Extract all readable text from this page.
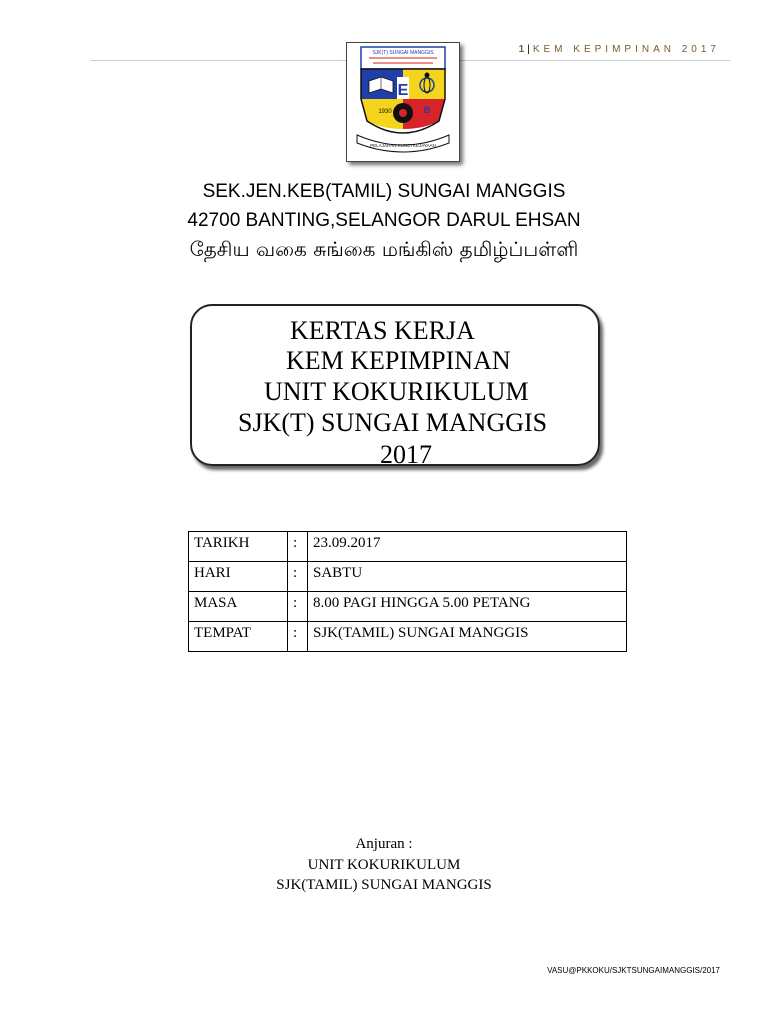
1 | KEM KEPIMPINAN 2017
SJK(T) SUNGAI MANGGIS
E
1930	B
PELAJARAN KUNCI KEJAYAAN
SEK.JEN.KEB(TAMIL) SUNGAI MANGGIS
42700 BANTING,SELANGOR DARUL EHSAN
தேசிய வகை சுங்கை மங்கிஸ் தமிழ்ப்பள்ளி
KERTAS KERJA
KEM KEPIMPINAN
UNIT KOKURIKULUM
SJK(T) SUNGAI MANGGIS
2017
TARIKH	:	23.09.2017
HARI	:	SABTU
MASA	:	8.00 PAGI HINGGA 5.00 PETANG
TEMPAT	:	SJK(TAMIL) SUNGAI MANGGIS
Anjuran :
UNIT KOKURIKULUM
SJK(TAMIL) SUNGAI MANGGIS
VASU@PKKOKU/SJKTSUNGAIMANGGIS/2017
